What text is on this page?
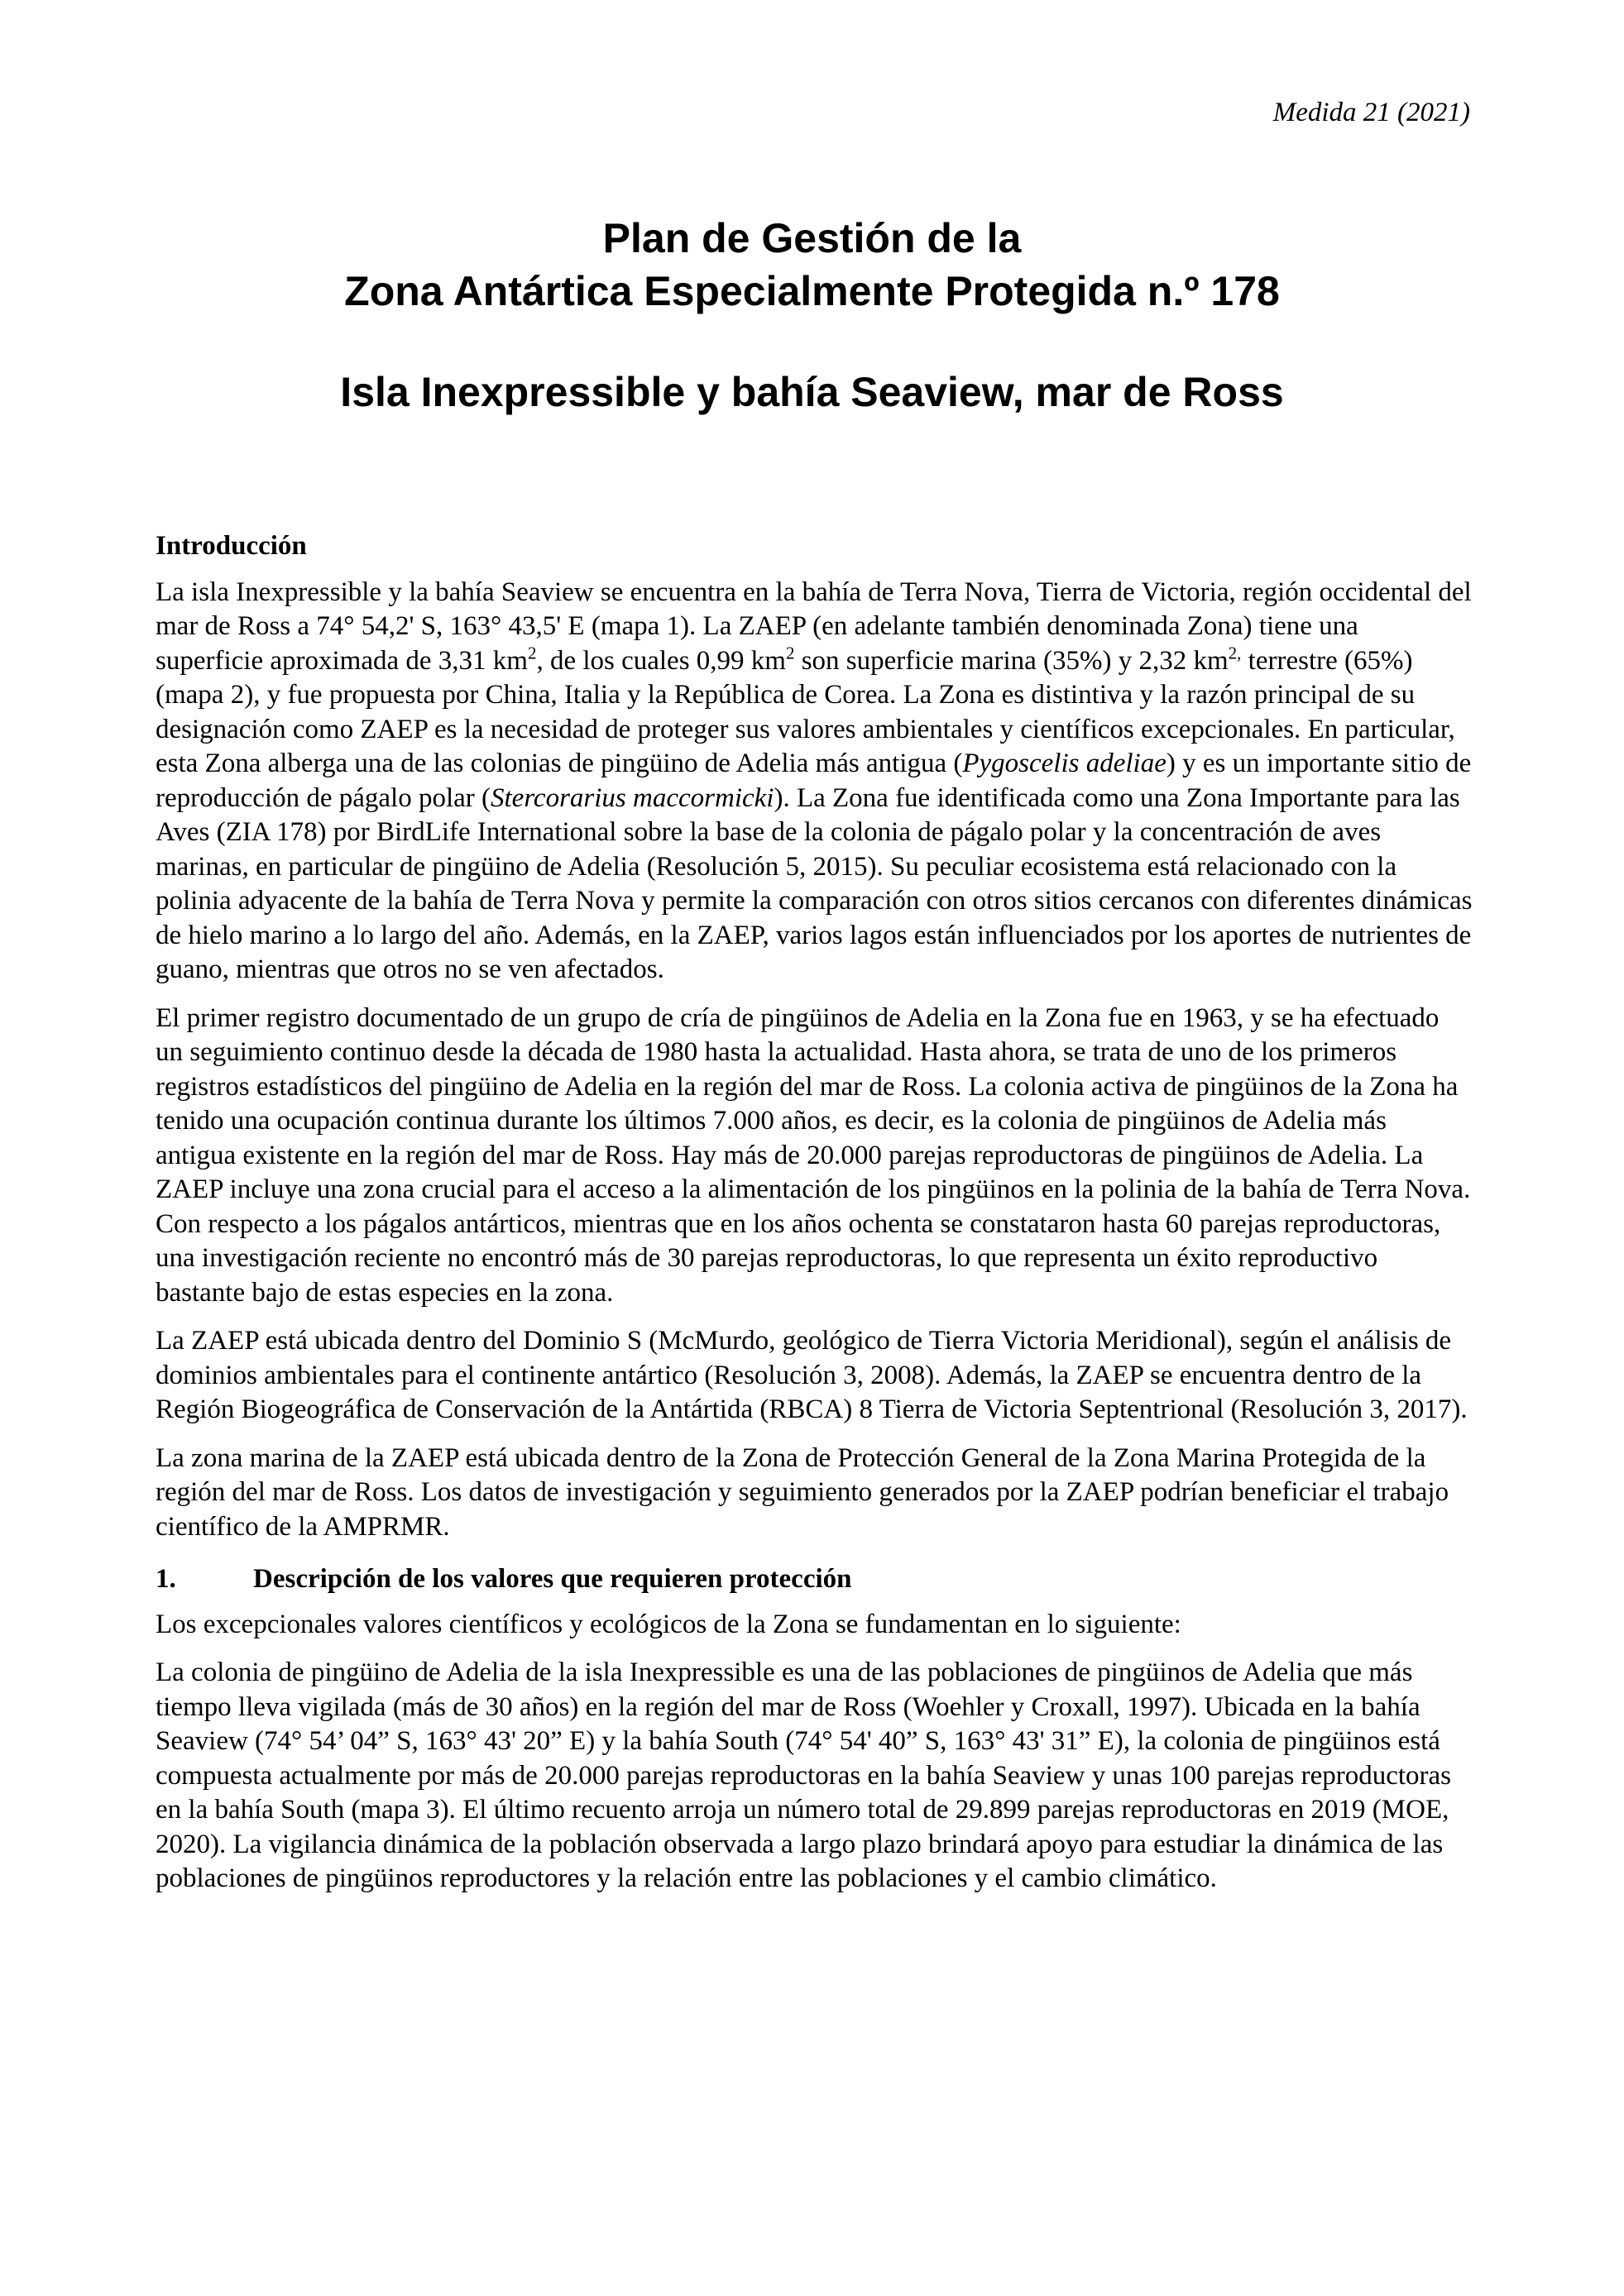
Medida 21 (2021)
Plan de Gestión de la
Zona Antártica Especialmente Protegida n.º 178
Isla Inexpressible y bahía Seaview, mar de Ross
Introducción

La isla Inexpressible y la bahía Seaview se encuentra en la bahía de Terra Nova, Tierra de Victoria, región occidental del mar de Ross a 74° 54,2' S, 163° 43,5' E (mapa 1). La ZAEP (en adelante también denominada Zona) tiene una superficie aproximada de 3,31 $km^2$, de los cuales 0,99 $km^2$ son superficie marina (35%) y 2,32 $km^{2,}$ terrestre (65%) (mapa 2), y fue propuesta por China, Italia y la República de Corea. La Zona es distintiva y la razón principal de su designación como ZAEP es la necesidad de proteger sus valores ambientales y científicos excepcionales. En particular, esta Zona alberga una de las colonias de pingüino de Adelia más antigua (Pygoscelis adeliae) y es un importante sitio de reproducción de págalo polar (Stercorarius maccormicki). La Zona fue identificada como una Zona Importante para las Aves (ZIA 178) por BirdLife International sobre la base de la colonia de págalo polar y la concentración de aves marinas, en particular de pingüino de Adelia (Resolución 5, 2015). Su peculiar ecosistema está relacionado con la polinia adyacente de la bahía de Terra Nova y permite la comparación con otros sitios cercanos con diferentes dinámicas de hielo marino a lo largo del año. Además, en la ZAEP, varios lagos están influenciados por los aportes de nutrientes de guano, mientras que otros no se ven afectados.

El primer registro documentado de un grupo de cría de pingüinos de Adelia en la Zona fue en 1963, y se ha efectuado un seguimiento continuo desde la década de 1980 hasta la actualidad. Hasta ahora, se trata de uno de los primeros registros estadísticos del pingüino de Adelia en la región del mar de Ross. La colonia activa de pingüinos de la Zona ha tenido una ocupación continua durante los últimos 7.000 años, es decir, es la colonia de pingüinos de Adelia más antigua existente en la región del mar de Ross. Hay más de 20.000 parejas reproductoras de pingüinos de Adelia. La ZAEP incluye una zona crucial para el acceso a la alimentación de los pingüinos en la polinia de la bahía de Terra Nova. Con respecto a los págalos antárticos, mientras que en los años ochenta se constataron hasta 60 parejas reproductoras, una investigación reciente no encontró más de 30 parejas reproductoras, lo que representa un éxito reproductivo bastante bajo de estas especies en la zona.

La ZAEP está ubicada dentro del Dominio S (McMurdo, geológico de Tierra Victoria Meridional), según el análisis de dominios ambientales para el continente antártico (Resolución 3, 2008). Además, la ZAEP se encuentra dentro de la Región Biogeográfica de Conservación de la Antártida (RBCA) 8 Tierra de Victoria Septentrional (Resolución 3, 2017).

La zona marina de la ZAEP está ubicada dentro de la Zona de Protección General de la Zona Marina Protegida de la región del mar de Ross. Los datos de investigación y seguimiento generados por la ZAEP podrían beneficiar el trabajo científico de la AMPRMR.

1.	Descripción de los valores que requieren protección

Los excepcionales valores científicos y ecológicos de la Zona se fundamentan en lo siguiente:

La colonia de pingüino de Adelia de la isla Inexpressible es una de las poblaciones de pingüinos de Adelia que más tiempo lleva vigilada (más de 30 años) en la región del mar de Ross (Woehler y Croxall, 1997). Ubicada en la bahía Seaview (74° 54’ 04” S, 163° 43' 20” E) y la bahía South (74° 54' 40” S, 163° 43' 31” E), la colonia de pingüinos está compuesta actualmente por más de 20.000 parejas reproductoras en la bahía Seaview y unas 100 parejas reproductoras en la bahía South (mapa 3). El último recuento arroja un número total de 29.899 parejas reproductoras en 2019 (MOE, 2020). La vigilancia dinámica de la población observada a largo plazo brindará apoyo para estudiar la dinámica de las poblaciones de pingüinos reproductores y la relación entre las poblaciones y el cambio climático.
